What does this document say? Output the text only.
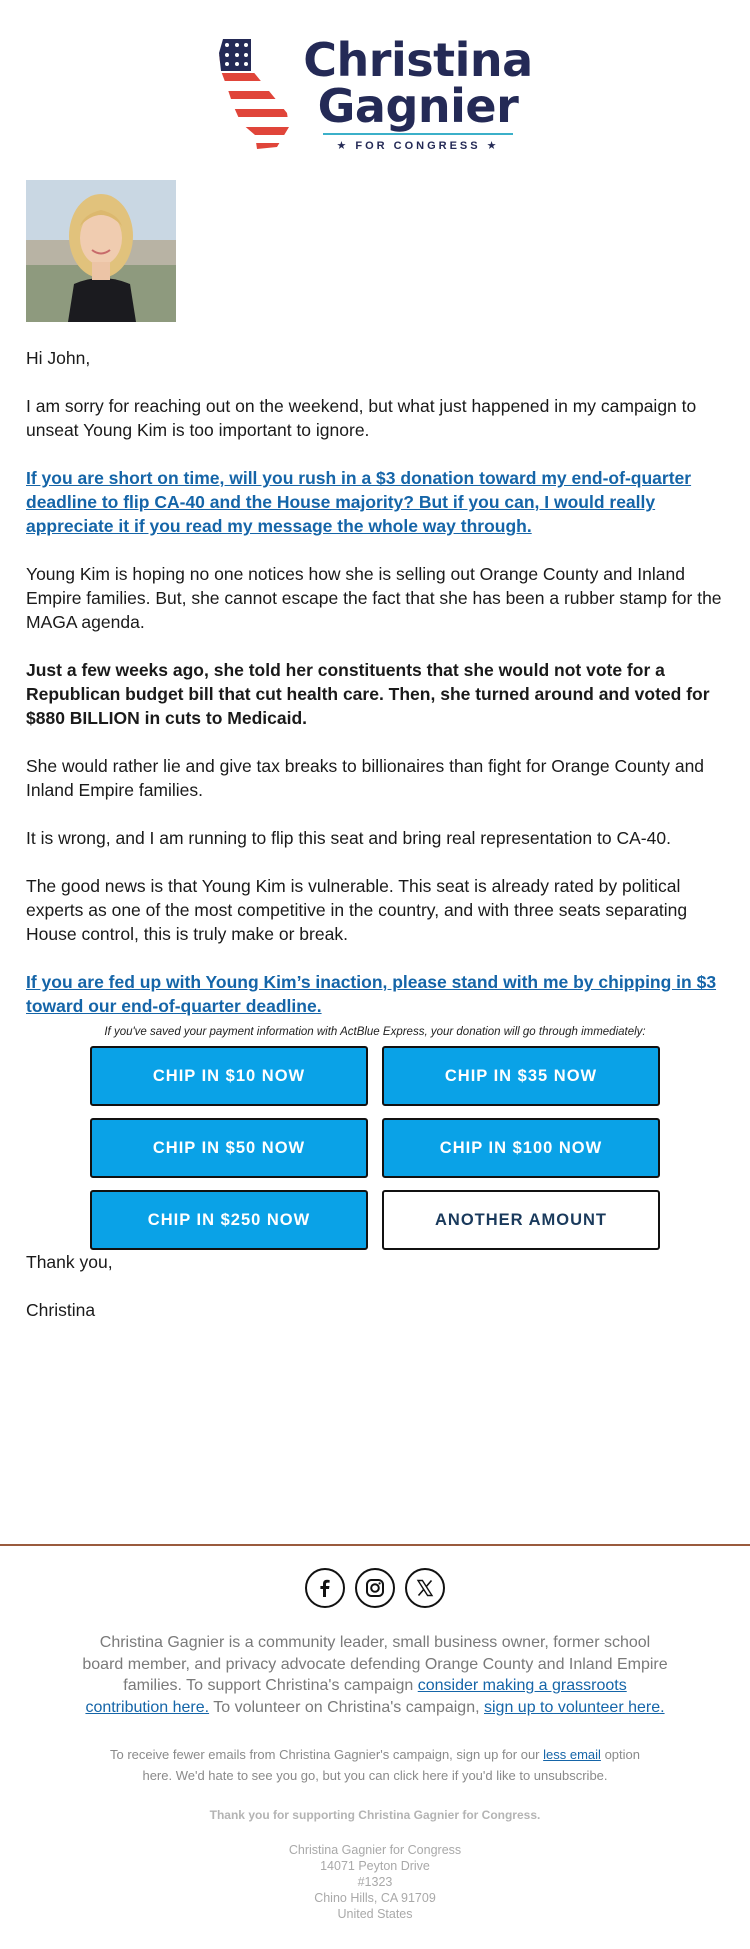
Christina
Gagnier
★ FOR CONGRESS ★

Hi John,

I am sorry for reaching out on the weekend, but what just happened in my campaign to unseat Young Kim is too important to ignore.

If you are short on time, will you rush in a $3 donation toward my end-of-quarter deadline to flip CA-40 and the House majority? But if you can, I would really appreciate it if you read my message the whole way through.

Young Kim is hoping no one notices how she is selling out Orange County and Inland Empire families. But, she cannot escape the fact that she has been a rubber stamp for the MAGA agenda.

Just a few weeks ago, she told her constituents that she would not vote for a Republican budget bill that cut health care. Then, she turned around and voted for $880 BILLION in cuts to Medicaid.

She would rather lie and give tax breaks to billionaires than fight for Orange County and Inland Empire families.

It is wrong, and I am running to flip this seat and bring real representation to CA-40.

The good news is that Young Kim is vulnerable. This seat is already rated by political experts as one of the most competitive in the country, and with three seats separating House control, this is truly make or break.

If you are fed up with Young Kim’s inaction, please stand with me by chipping in $3 toward our end-of-quarter deadline.

If you've saved your payment information with ActBlue Express, your donation will go through immediately:
CHIP IN $10 NOW	CHIP IN $35 NOW
CHIP IN $50 NOW	CHIP IN $100 NOW
CHIP IN $250 NOW	ANOTHER AMOUNT

Thank you,

Christina

Christina Gagnier is a community leader, small business owner, former school board member, and privacy advocate defending Orange County and Inland Empire families. To support Christina's campaign consider making a grassroots contribution here. To volunteer on Christina's campaign, sign up to volunteer here.
To receive fewer emails from Christina Gagnier's campaign, sign up for our less email option here. We'd hate to see you go, but you can click here if you'd like to unsubscribe.
Thank you for supporting Christina Gagnier for Congress.
Christina Gagnier for Congress
14071 Peyton Drive
#1323
Chino Hills, CA 91709
United States
